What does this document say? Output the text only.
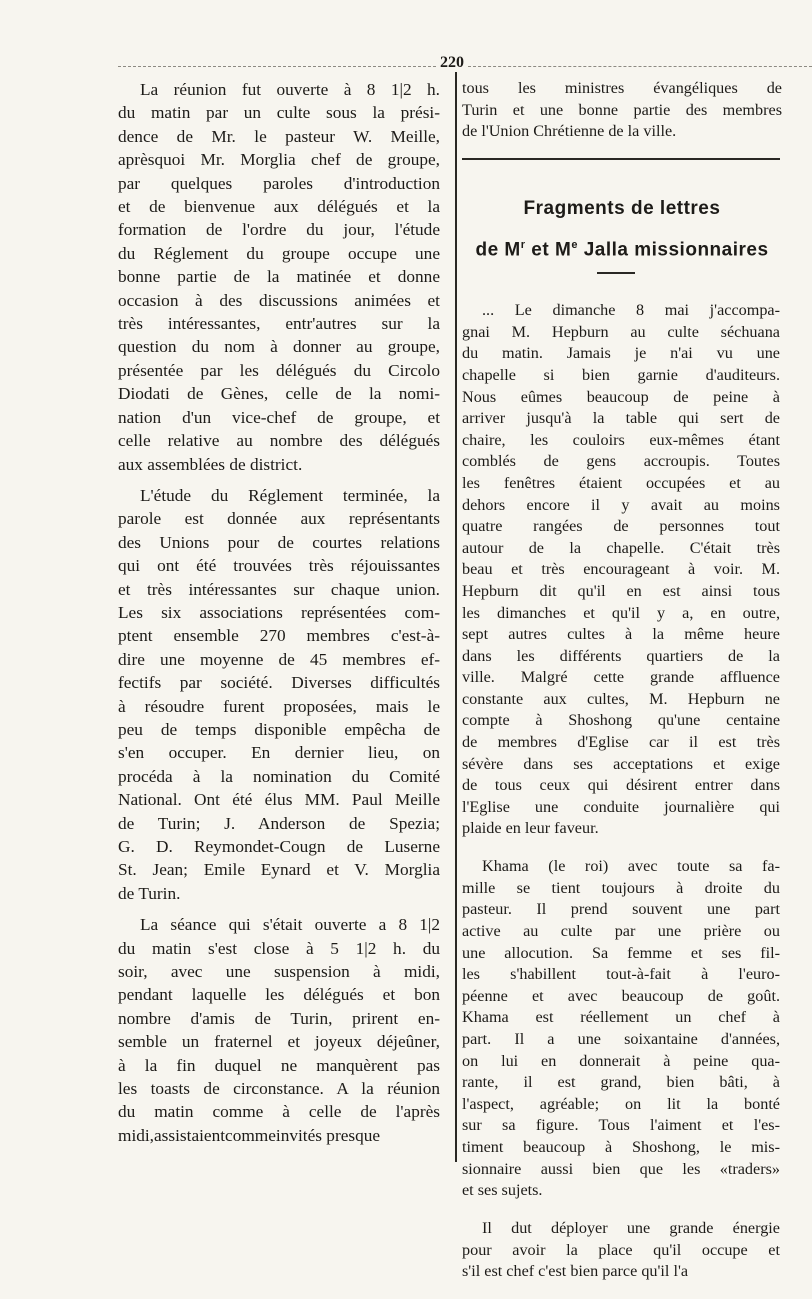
220

La réunion fut ouverte à 8 1|2 h.
du matin par un culte sous la prési-
dence de Mr. le pasteur W. Meille,
aprèsquoi Mr. Morglia chef de groupe,
par quelques paroles d'introduction
et de bienvenue aux délégués et la
formation de l'ordre du jour, l'étude
du Réglement du groupe occupe une
bonne partie de la matinée et donne
occasion à des discussions animées et
très intéressantes, entr'autres sur la
question du nom à donner au groupe,
présentée par les délégués du Circolo
Diodati de Gènes, celle de la nomi-
nation d'un vice-chef de groupe, et
celle relative au nombre des délégués
aux assemblées de district.

L'étude du Réglement terminée, la
parole est donnée aux représentants
des Unions pour de courtes relations
qui ont été trouvées très réjouissantes
et très intéressantes sur chaque union.
Les six associations représentées com-
ptent ensemble 270 membres c'est-à-
dire une moyenne de 45 membres ef-
fectifs par société. Diverses difficultés
à résoudre furent proposées, mais le
peu de temps disponible empêcha de
s'en occuper. En dernier lieu, on
procéda à la nomination du Comité
National. Ont été élus MM. Paul Meille
de Turin; J. Anderson de Spezia;
G. D. Reymondet-Cougn de Luserne
St. Jean; Emile Eynard et V. Morglia
de Turin.

La séance qui s'était ouverte a 8 1|2
du matin s'est close à 5 1|2 h. du
soir, avec une suspension à midi,
pendant laquelle les délégués et bon
nombre d'amis de Turin, prirent en-
semble un fraternel et joyeux déjeûner,
à la fin duquel ne manquèrent pas
les toasts de circonstance. A la réunion
du matin comme à celle de l'après
midi,assistaientcommeinvités presque

tous les ministres évangéliques de
Turin et une bonne partie des membres
de l'Union Chrétienne de la ville.

Fragments de lettres
de $M^r$ et Me Jalla missionnaires

... Le dimanche 8 mai j'accompa-
gnai M. Hepburn au culte séchuana
du matin. Jamais je n'ai vu une
chapelle si bien garnie d'auditeurs.
Nous eûmes beaucoup de peine à
arriver jusqu'à la table qui sert de
chaire, les couloirs eux-mêmes étant
comblés de gens accroupis. Toutes
les fenêtres étaient occupées et au
dehors encore il y avait au moins
quatre rangées de personnes tout
autour de la chapelle. C'était très
beau et très encourageant à voir. M.
Hepburn dit qu'il en est ainsi tous
les dimanches et qu'il y a, en outre,
sept autres cultes à la même heure
dans les différents quartiers de la
ville. Malgré cette grande affluence
constante aux cultes, M. Hepburn ne
compte à Shoshong qu'une centaine
de membres d'Eglise car il est très
sévère dans ses acceptations et exige
de tous ceux qui désirent entrer dans
l'Eglise une conduite journalière qui
plaide en leur faveur.

Khama (le roi) avec toute sa fa-
mille se tient toujours à droite du
pasteur. Il prend souvent une part
active au culte par une prière ou
une allocution. Sa femme et ses fil-
les s'habillent tout-à-fait à l'euro-
péenne et avec beaucoup de goût.
Khama est réellement un chef à
part. Il a une soixantaine d'années,
on lui en donnerait à peine qua-
rante, il est grand, bien bâti, à
l'aspect, agréable; on lit la bonté
sur sa figure. Tous l'aiment et l'es-
timent beaucoup à Shoshong, le mis-
sionnaire aussi bien que les «traders»
et ses sujets.

Il dut déployer une grande énergie
pour avoir la place qu'il occupe et
s'il est chef c'est bien parce qu'il l'a
